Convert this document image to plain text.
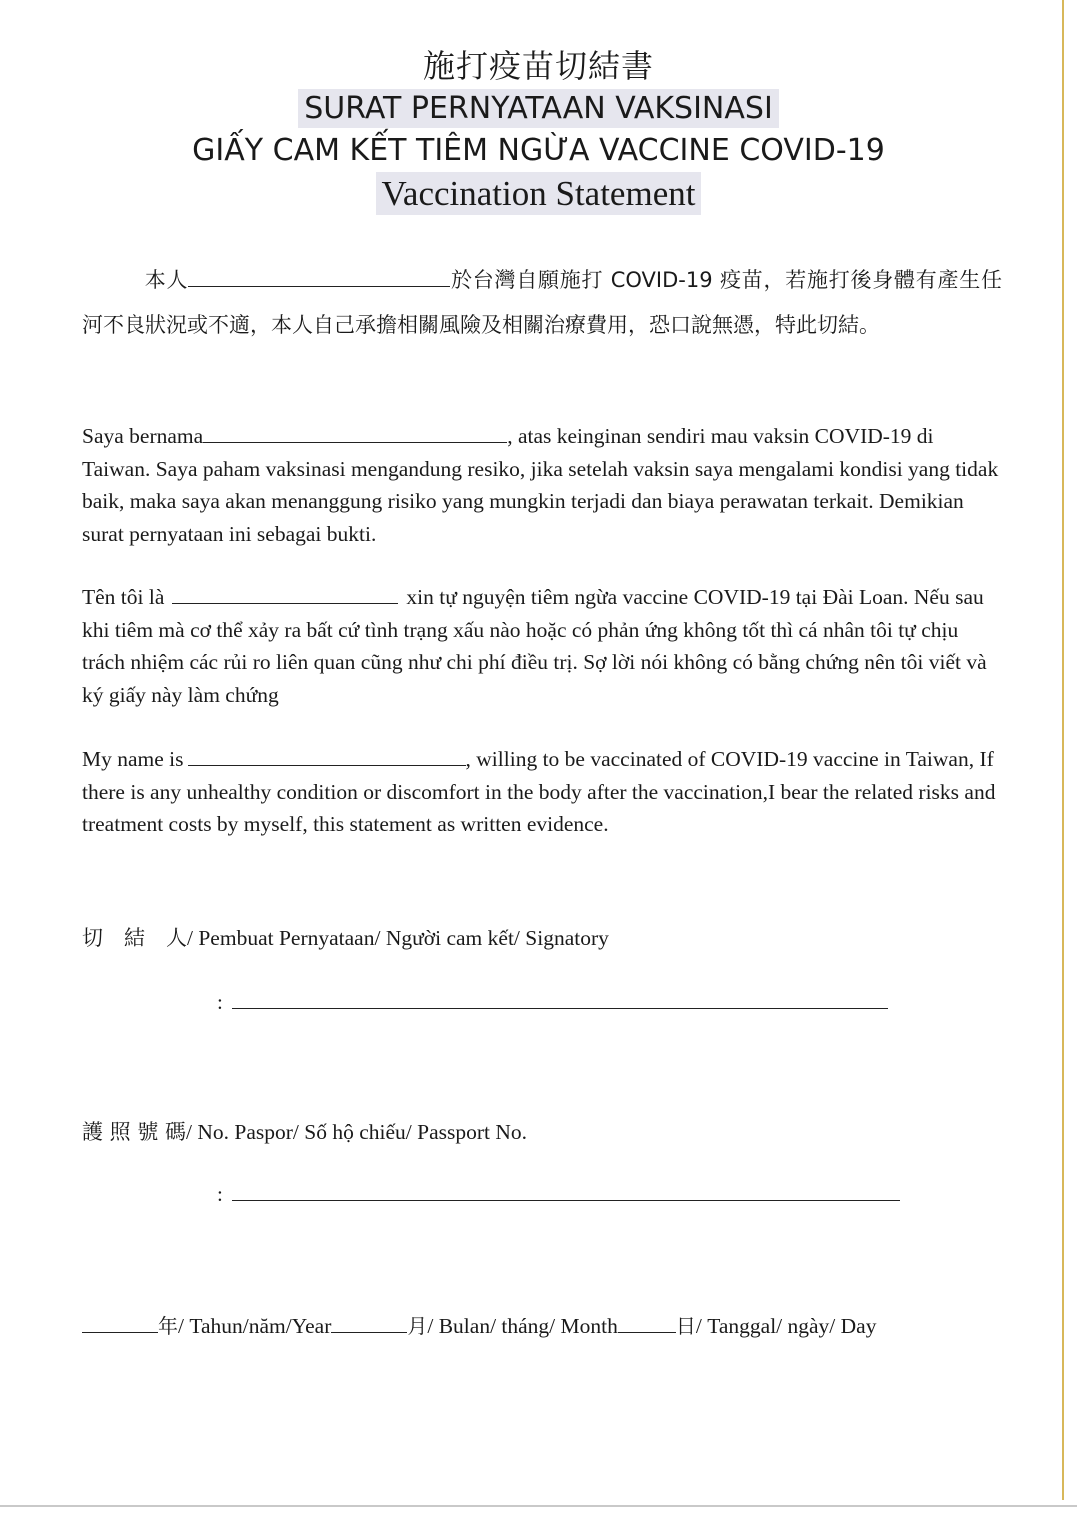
施打疫苗切結書
SURAT PERNYATAAN VAKSINASI
GIẤY CAM KẾT TIÊM NGỪA VACCINE COVID-19
Vaccination Statement
本人	於台灣自願施打 COVID-19 疫苗，若施打後身體有產生任河不良狀況或不適，本人自己承擔相關風險及相關治療費用，恐口說無憑，特此切結。
Saya bernama	, atas keinginan sendiri mau vaksin COVID-19 di Taiwan. Saya paham vaksinasi mengandung resiko, jika setelah vaksin saya mengalami kondisi yang tidak baik, maka saya akan menanggung risiko yang mungkin terjadi dan biaya perawatan terkait. Demikian surat pernyataan ini sebagai bukti.
Tên tôi là	xin tự nguyện tiêm ngừa vaccine COVID-19 tại Đài Loan. Nếu sau khi tiêm mà cơ thể xảy ra bất cứ tình trạng xấu nào hoặc có phản ứng không tốt thì cá nhân tôi tự chịu trách nhiệm các rủi ro liên quan cũng như chi phí điều trị. Sợ lời nói không có bằng chứng nên tôi viết và ký giấy này làm chứng
My name is	, willing to be vaccinated of COVID-19 vaccine in Taiwan, If there is any unhealthy condition or discomfort in the body after the vaccination,I bear the related risks and treatment costs by myself, this statement as written evidence.
切　結　人/ Pembuat Pernyataan/ Người cam kết/ Signatory
:
護 照 號 碼/ No. Paspor/ Số hộ chiếu/ Passport No.
:
年/ Tahun/năm/Year	月/ Bulan/ tháng/ Month	日/ Tanggal/ ngày/ Day
